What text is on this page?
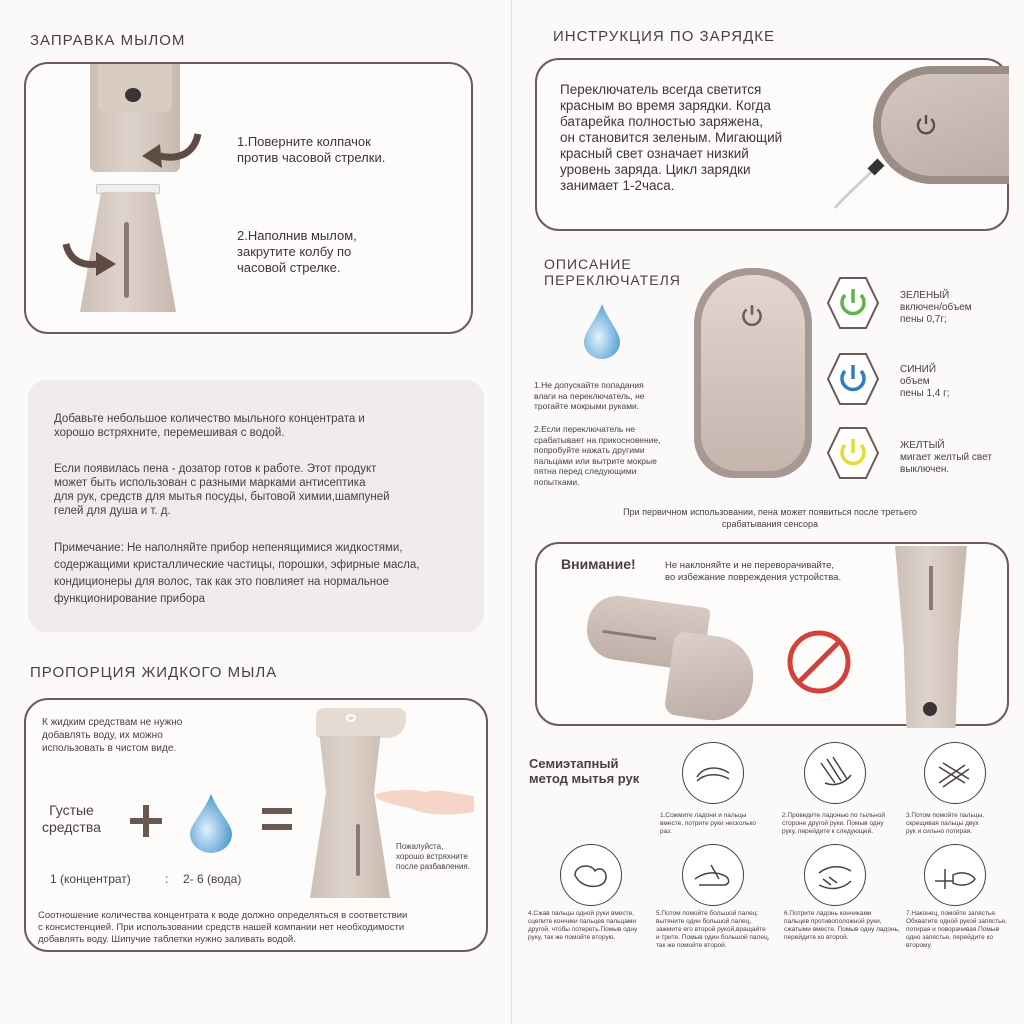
ЗАПРАВКА МЫЛОМ
1.Поверните колпачок
против часовой стрелки.
2.Наполнив мылом,
закрутите колбу по
часовой стрелке.
Добавьте небольшое количество мыльного концентрата и
хорошо встряхните, перемешивая с водой.
Если появилась пена - дозатор готов к работе. Этот продукт
может быть использован с разными марками антисептика
для рук, средств для мытья посуды, бытовой химии,шампуней
гелей для душа и т. д.
Примечание: Не наполняйте прибор непенящимися жидкостями,
содержащими кристаллические частицы, порошки, эфирные масла,
кондиционеры для волос, так как это повлияет на нормальное
функционирование прибора
ПРОПОРЦИЯ ЖИДКОГО МЫЛА
К жидким средствам не нужно
добавлять воду, их можно
использовать в чистом виде.
Густые
средства
1 (концентрат)	: 2- 6 (вода)
Пожалуйста,
хорошо встряхните
после разбавления.
Соотношение количества концентрата к воде должно определяться в соответствии
с консистенцией. При использовании средств нашей компании нет необходимости
добавлять воду. Шипучие таблетки нужно заливать водой.
ИНСТРУКЦИЯ ПО ЗАРЯДКЕ
Переключатель всегда светится
красным во время зарядки. Когда
батарейка полностью заряжена,
он становится зеленым. Мигающий
красный свет означает низкий
уровень заряда. Цикл зарядки
занимает 1-2часа.
ОПИСАНИЕ
ПЕРЕКЛЮЧАТЕЛЯ
1.Не допускайте попадания
влаги на переключатель, не
трогайте мокрыми руками.
2.Если переключатель не
срабатывает на прикосновение,
попробуйте нажать другими
пальцами или вытрите мокрые
пятна перед следующими
попытками.
ЗЕЛЕНЫЙ
включен/объем
пены 0,7г;
СИНИЙ
объем
пены 1,4 г;
ЖЕЛТЫЙ
мигает желтый свет
выключен.
При первичном использовании, пена может появиться после третьего
срабатывания сенсора
Внимание!	Не наклоняйте и не переворачивайте,
во избежание повреждения устройства.
Семиэтапный
метод мытья рук
1.Сожмите ладони и пальцы
вместе, потрите руки несколько
раз.
2.Проведите ладонью по тыльной
стороне другой руки. Помыв одну
руку, перейдите к следующей.
3.Потом помойте пальцы,
скрещивая пальцы двух
рук и сильно потирая.
4.Сжав пальцы одной руки вместе,
сцепите кончики пальцев пальцами
другой, чтобы потереть.Помыв одну
руку, так же помойте вторую.
5.Потом помойте большой палец:
вытяните один большой палец,
зажмите его второй рукой,вращайте
и трите. Помыв один большой палец,
так же помойте второй.
6.Потрите ладонь кончиками
пальцев противоположной руки,
сжатыми вместе. Помыв одну ладонь,
перейдите ко второй.
7.Наконец, помойте запястья.
Обхватите одной рукой запястье,
потирая и поворачивая.Помыв
одно запястье, перейдите ко
второму.
